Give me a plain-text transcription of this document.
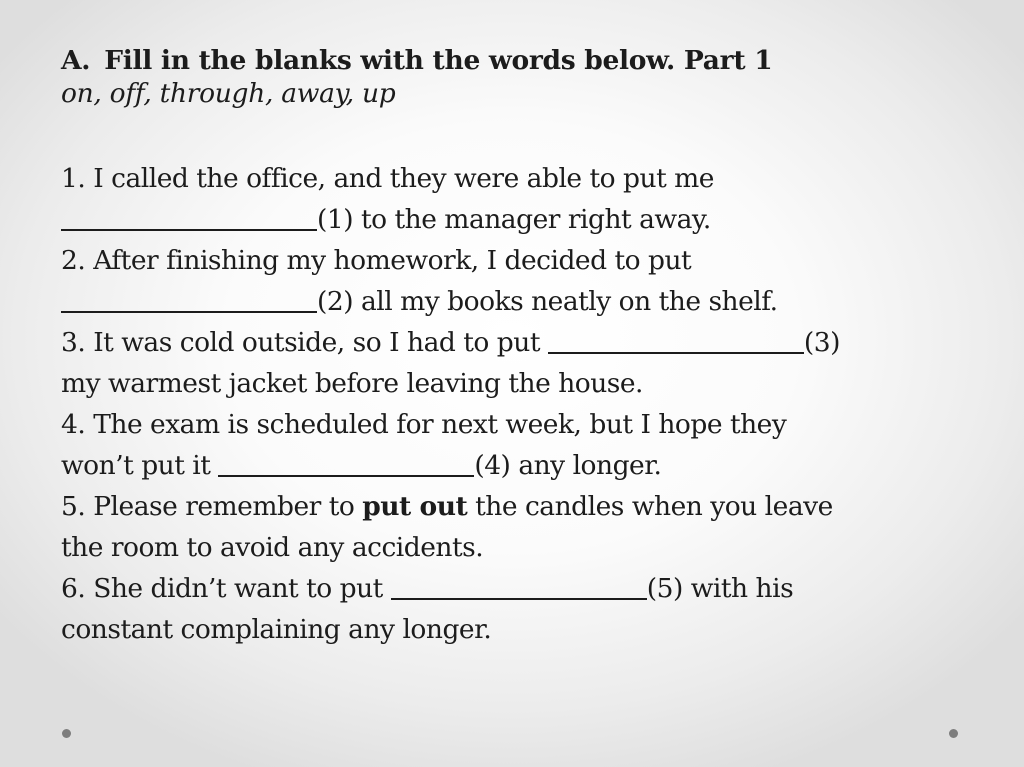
A. Fill in the blanks with the words below. Part 1
on, off, through, away, up
1. I called the office, and they were able to put me
(1) to the manager right away.
2. After finishing my homework, I decided to put
(2) all my books neatly on the shelf.
3. It was cold outside, so I had to put	(3)
my warmest jacket before leaving the house.
4. The exam is scheduled for next week, but I hope they
won’t put it	(4) any longer.
5. Please remember to put out the candles when you leave
the room to avoid any accidents.
6. She didn’t want to put	(5) with his
constant complaining any longer.
